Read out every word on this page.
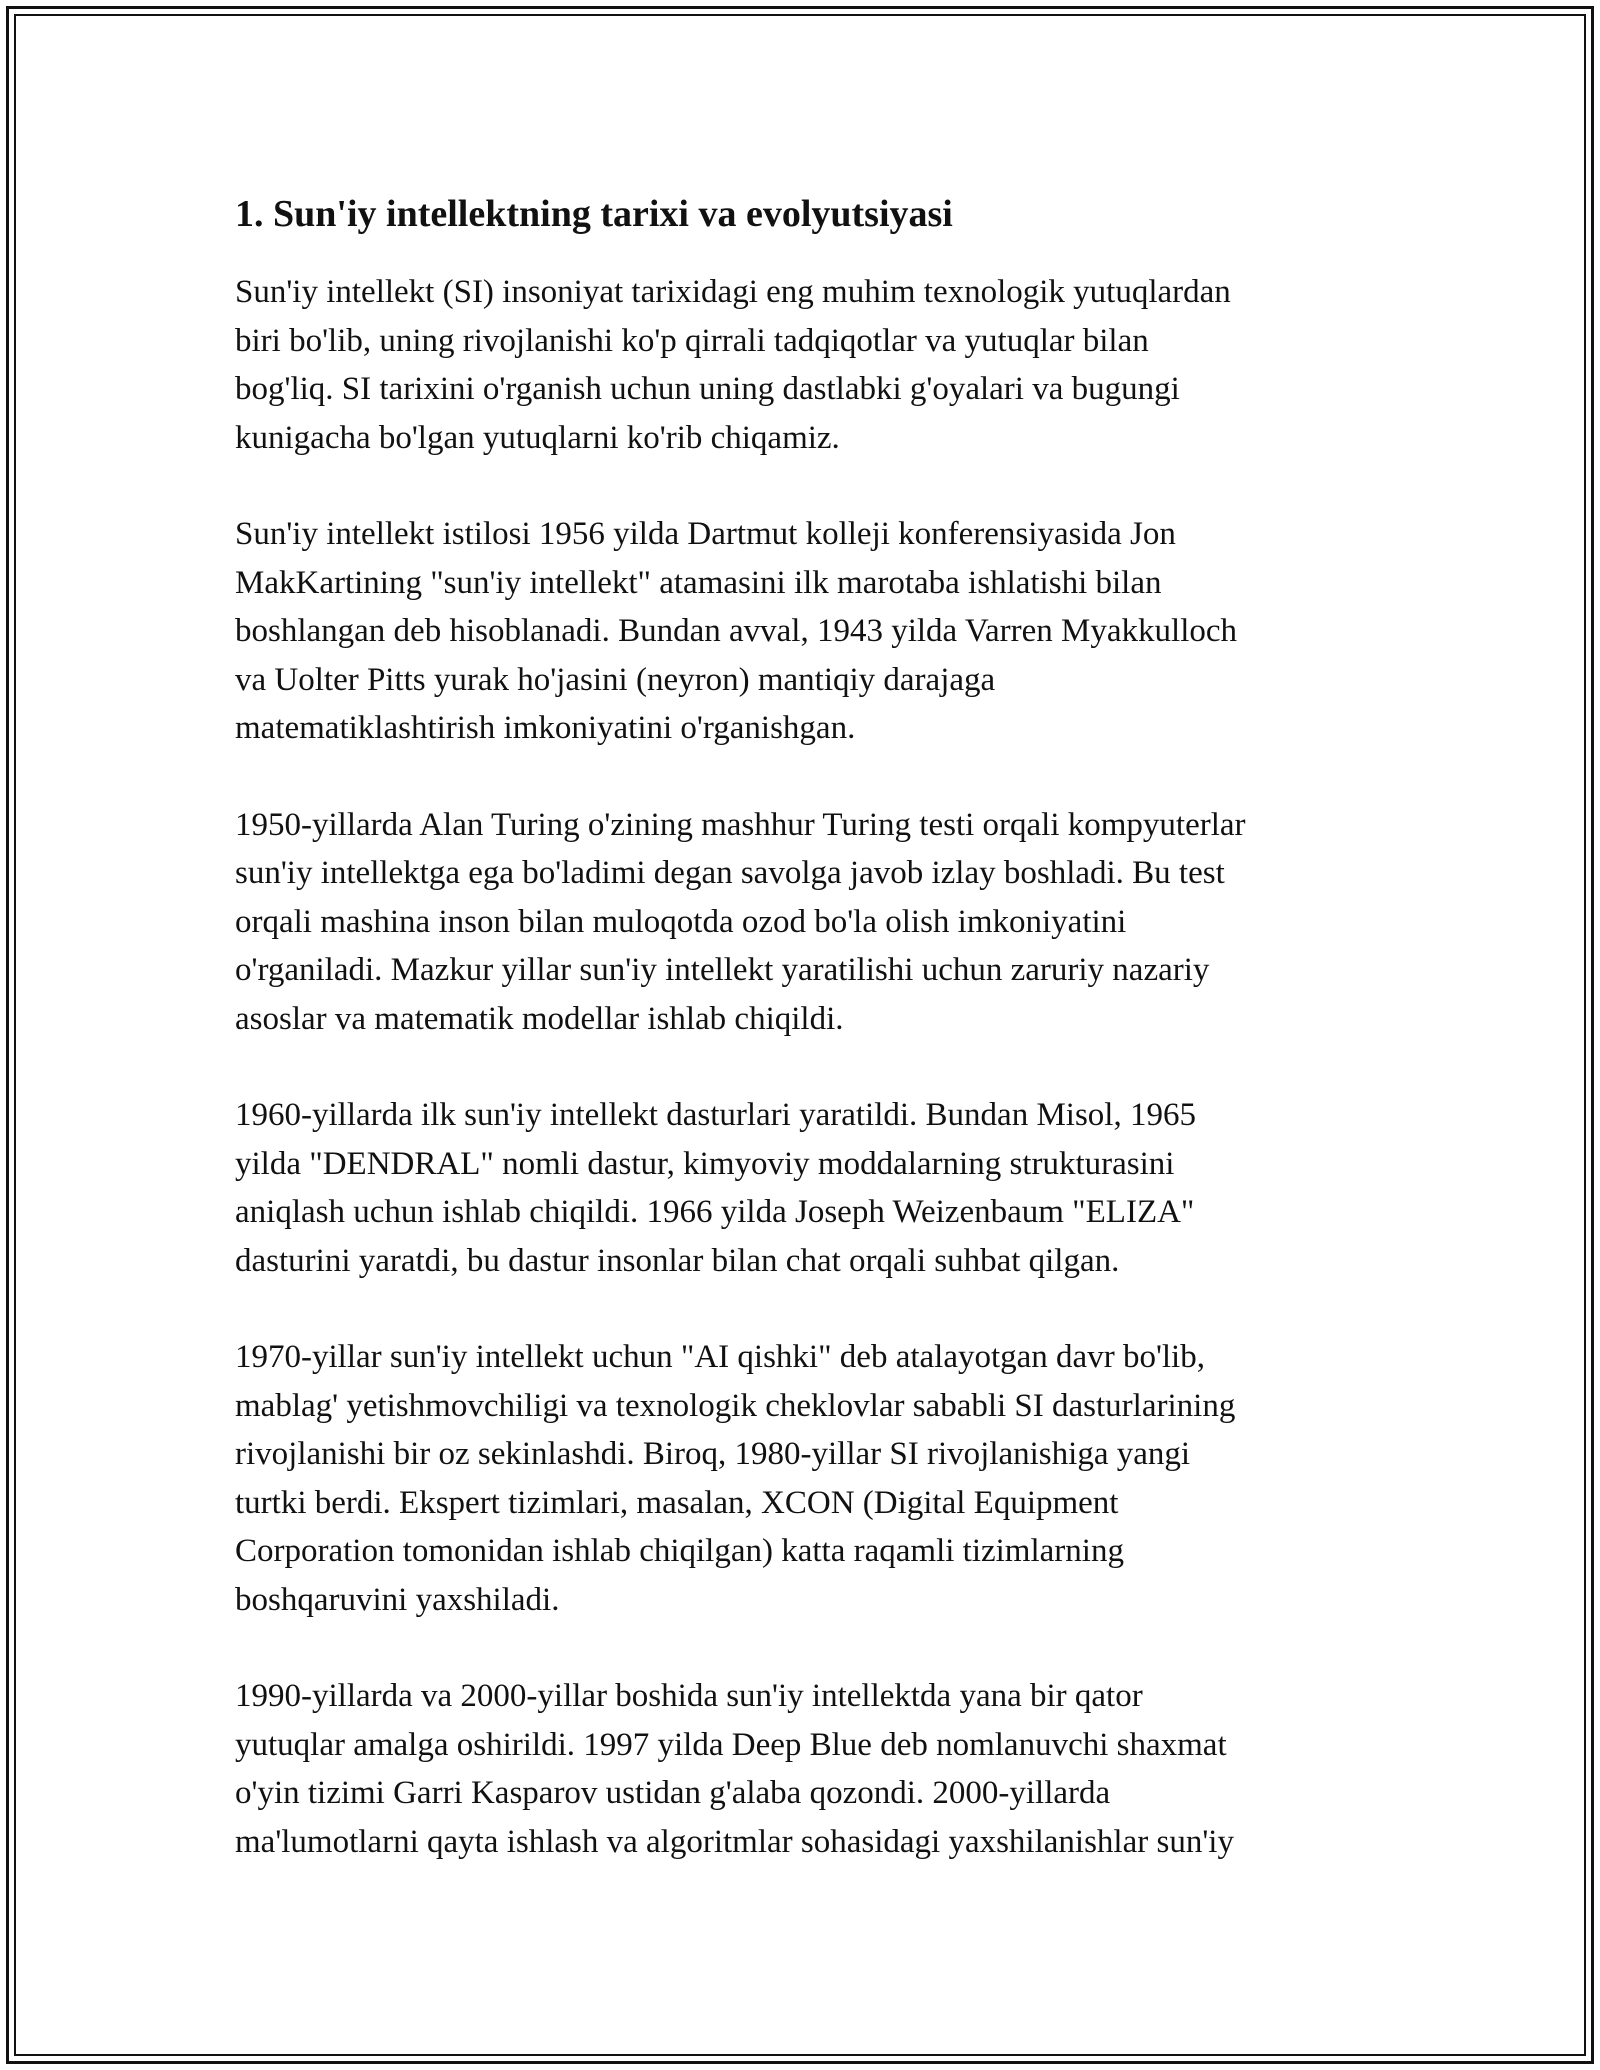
1. Sun'iy intellektning tarixi va evolyutsiyasi

Sun'iy intellekt (SI) insoniyat tarixidagi eng muhim texnologik yutuqlardan
biri bo'lib, uning rivojlanishi ko'p qirrali tadqiqotlar va yutuqlar bilan
bog'liq. SI tarixini o'rganish uchun uning dastlabki g'oyalari va bugungi
kunigacha bo'lgan yutuqlarni ko'rib chiqamiz.

Sun'iy intellekt istilosi 1956 yilda Dartmut kolleji konferensiyasida Jon
MakKartining "sun'iy intellekt" atamasini ilk marotaba ishlatishi bilan
boshlangan deb hisoblanadi. Bundan avval, 1943 yilda Varren Myakkulloch
va Uolter Pitts yurak ho'jasini (neyron) mantiqiy darajaga
matematiklashtirish imkoniyatini o'rganishgan.

1950-yillarda Alan Turing o'zining mashhur Turing testi orqali kompyuterlar
sun'iy intellektga ega bo'ladimi degan savolga javob izlay boshladi. Bu test
orqali mashina inson bilan muloqotda ozod bo'la olish imkoniyatini
o'rganiladi. Mazkur yillar sun'iy intellekt yaratilishi uchun zaruriy nazariy
asoslar va matematik modellar ishlab chiqildi.

1960-yillarda ilk sun'iy intellekt dasturlari yaratildi. Bundan Misol, 1965
yilda "DENDRAL" nomli dastur, kimyoviy moddalarning strukturasini
aniqlash uchun ishlab chiqildi. 1966 yilda Joseph Weizenbaum "ELIZA"
dasturini yaratdi, bu dastur insonlar bilan chat orqali suhbat qilgan.

1970-yillar sun'iy intellekt uchun "AI qishki" deb atalayotgan davr bo'lib,
mablag' yetishmovchiligi va texnologik cheklovlar sababli SI dasturlarining
rivojlanishi bir oz sekinlashdi. Biroq, 1980-yillar SI rivojlanishiga yangi
turtki berdi. Ekspert tizimlari, masalan, XCON (Digital Equipment
Corporation tomonidan ishlab chiqilgan) katta raqamli tizimlarning
boshqaruvini yaxshiladi.

1990-yillarda va 2000-yillar boshida sun'iy intellektda yana bir qator
yutuqlar amalga oshirildi. 1997 yilda Deep Blue deb nomlanuvchi shaxmat
o'yin tizimi Garri Kasparov ustidan g'alaba qozondi. 2000-yillarda
ma'lumotlarni qayta ishlash va algoritmlar sohasidagi yaxshilanishlar sun'iy
